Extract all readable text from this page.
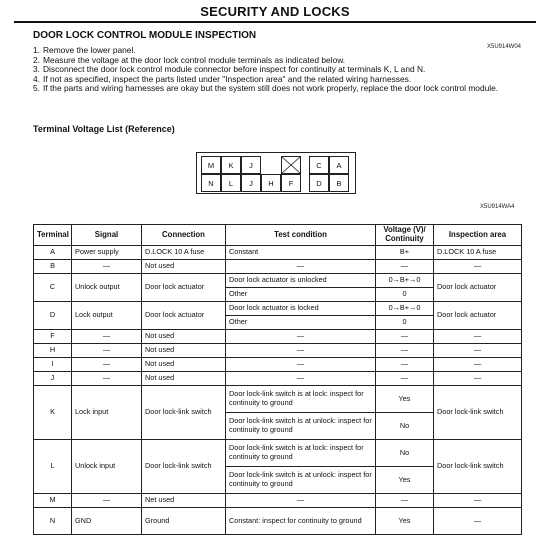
SECURITY AND LOCKS
DOOR LOCK CONTROL MODULE INSPECTION
X5U914W04
1. Remove the lower panel.
2. Measure the voltage at the door lock control module terminals as indicated below.
3. Disconnect the door lock control module connector before inspect for continuity at terminals K, L and N.
4. If not as specified, inspect the parts listed under "Inspection area" and the related wiring harnesses.
5. If the parts and wiring harnesses are okay but the system still does not work properly, replace the door lock control module.
Terminal Voltage List (Reference)
M	K	J	C	A
N	L	J	H	F	D	B
X5U914WA4
Terminal	Signal	Connection	Test condition	Voltage (V)/ Continuity	Inspection area
A	Power supply	D.LOCK 10 A fuse	Constant	B+	D.LOCK 10 A fuse
B	—	Not used	—	—	—
C	Unlock output	Door lock actuator	Door lock actuator is unlocked	0→B+→0	Door lock actuator
			Other	0	
D	Lock output	Door lock actuator	Door lock actuator is locked	0→B+→0	Door lock actuator
			Other	0	
F	—	Not used	—	—	—
H	—	Not used	—	—	—
I	—	Not used	—	—	—
J	—	Not used	—	—	—
K	Lock input	Door lock-link switch	Door lock-link switch is at lock: inspect for continuity to ground	Yes	Door lock-link switch
			Door lock-link switch is at unlock: inspect for continuity to ground	No	
L	Unlock input	Door lock-link switch	Door lock-link switch is at lock: inspect for continuity to ground	No	Door lock-link switch
			Door lock-link switch is at unlock: inspect for continuity to ground	Yes	
M	—	Net used	—	—	—
N	GND	Ground	Constant: inspect for continuity to ground	Yes	—
